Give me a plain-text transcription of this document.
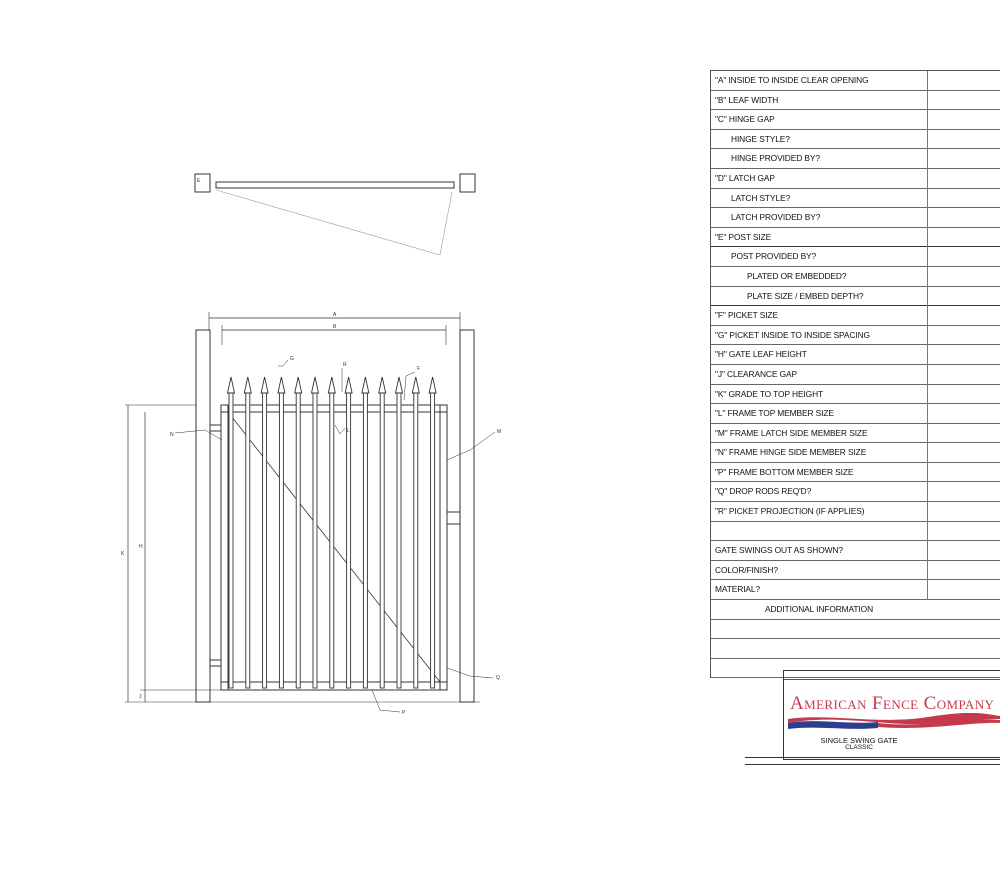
A
B
G
R
F
N	M
L
K
H
J
Q
P
E
"A" INSIDE TO INSIDE CLEAR OPENING
"B" LEAF WIDTH
"C" HINGE GAP
HINGE STYLE?
HINGE PROVIDED BY?
"D" LATCH GAP
LATCH STYLE?
LATCH PROVIDED BY?
"E" POST SIZE
POST PROVIDED BY?
PLATED OR EMBEDDED?
PLATE SIZE / EMBED DEPTH?
"F" PICKET SIZE
"G" PICKET INSIDE TO INSIDE SPACING
"H" GATE LEAF HEIGHT
"J" CLEARANCE GAP
"K" GRADE TO TOP HEIGHT
"L" FRAME TOP MEMBER SIZE
"M" FRAME LATCH SIDE MEMBER SIZE
"N" FRAME HINGE SIDE MEMBER SIZE
"P" FRAME BOTTOM MEMBER SIZE
"Q" DROP RODS REQ'D?
"R" PICKET PROJECTION (IF APPLIES)
GATE SWINGS OUT AS SHOWN?
COLOR/FINISH?
MATERIAL?
ADDITIONAL INFORMATION
American Fence Company
SINGLE SWING GATE
CLASSIC
